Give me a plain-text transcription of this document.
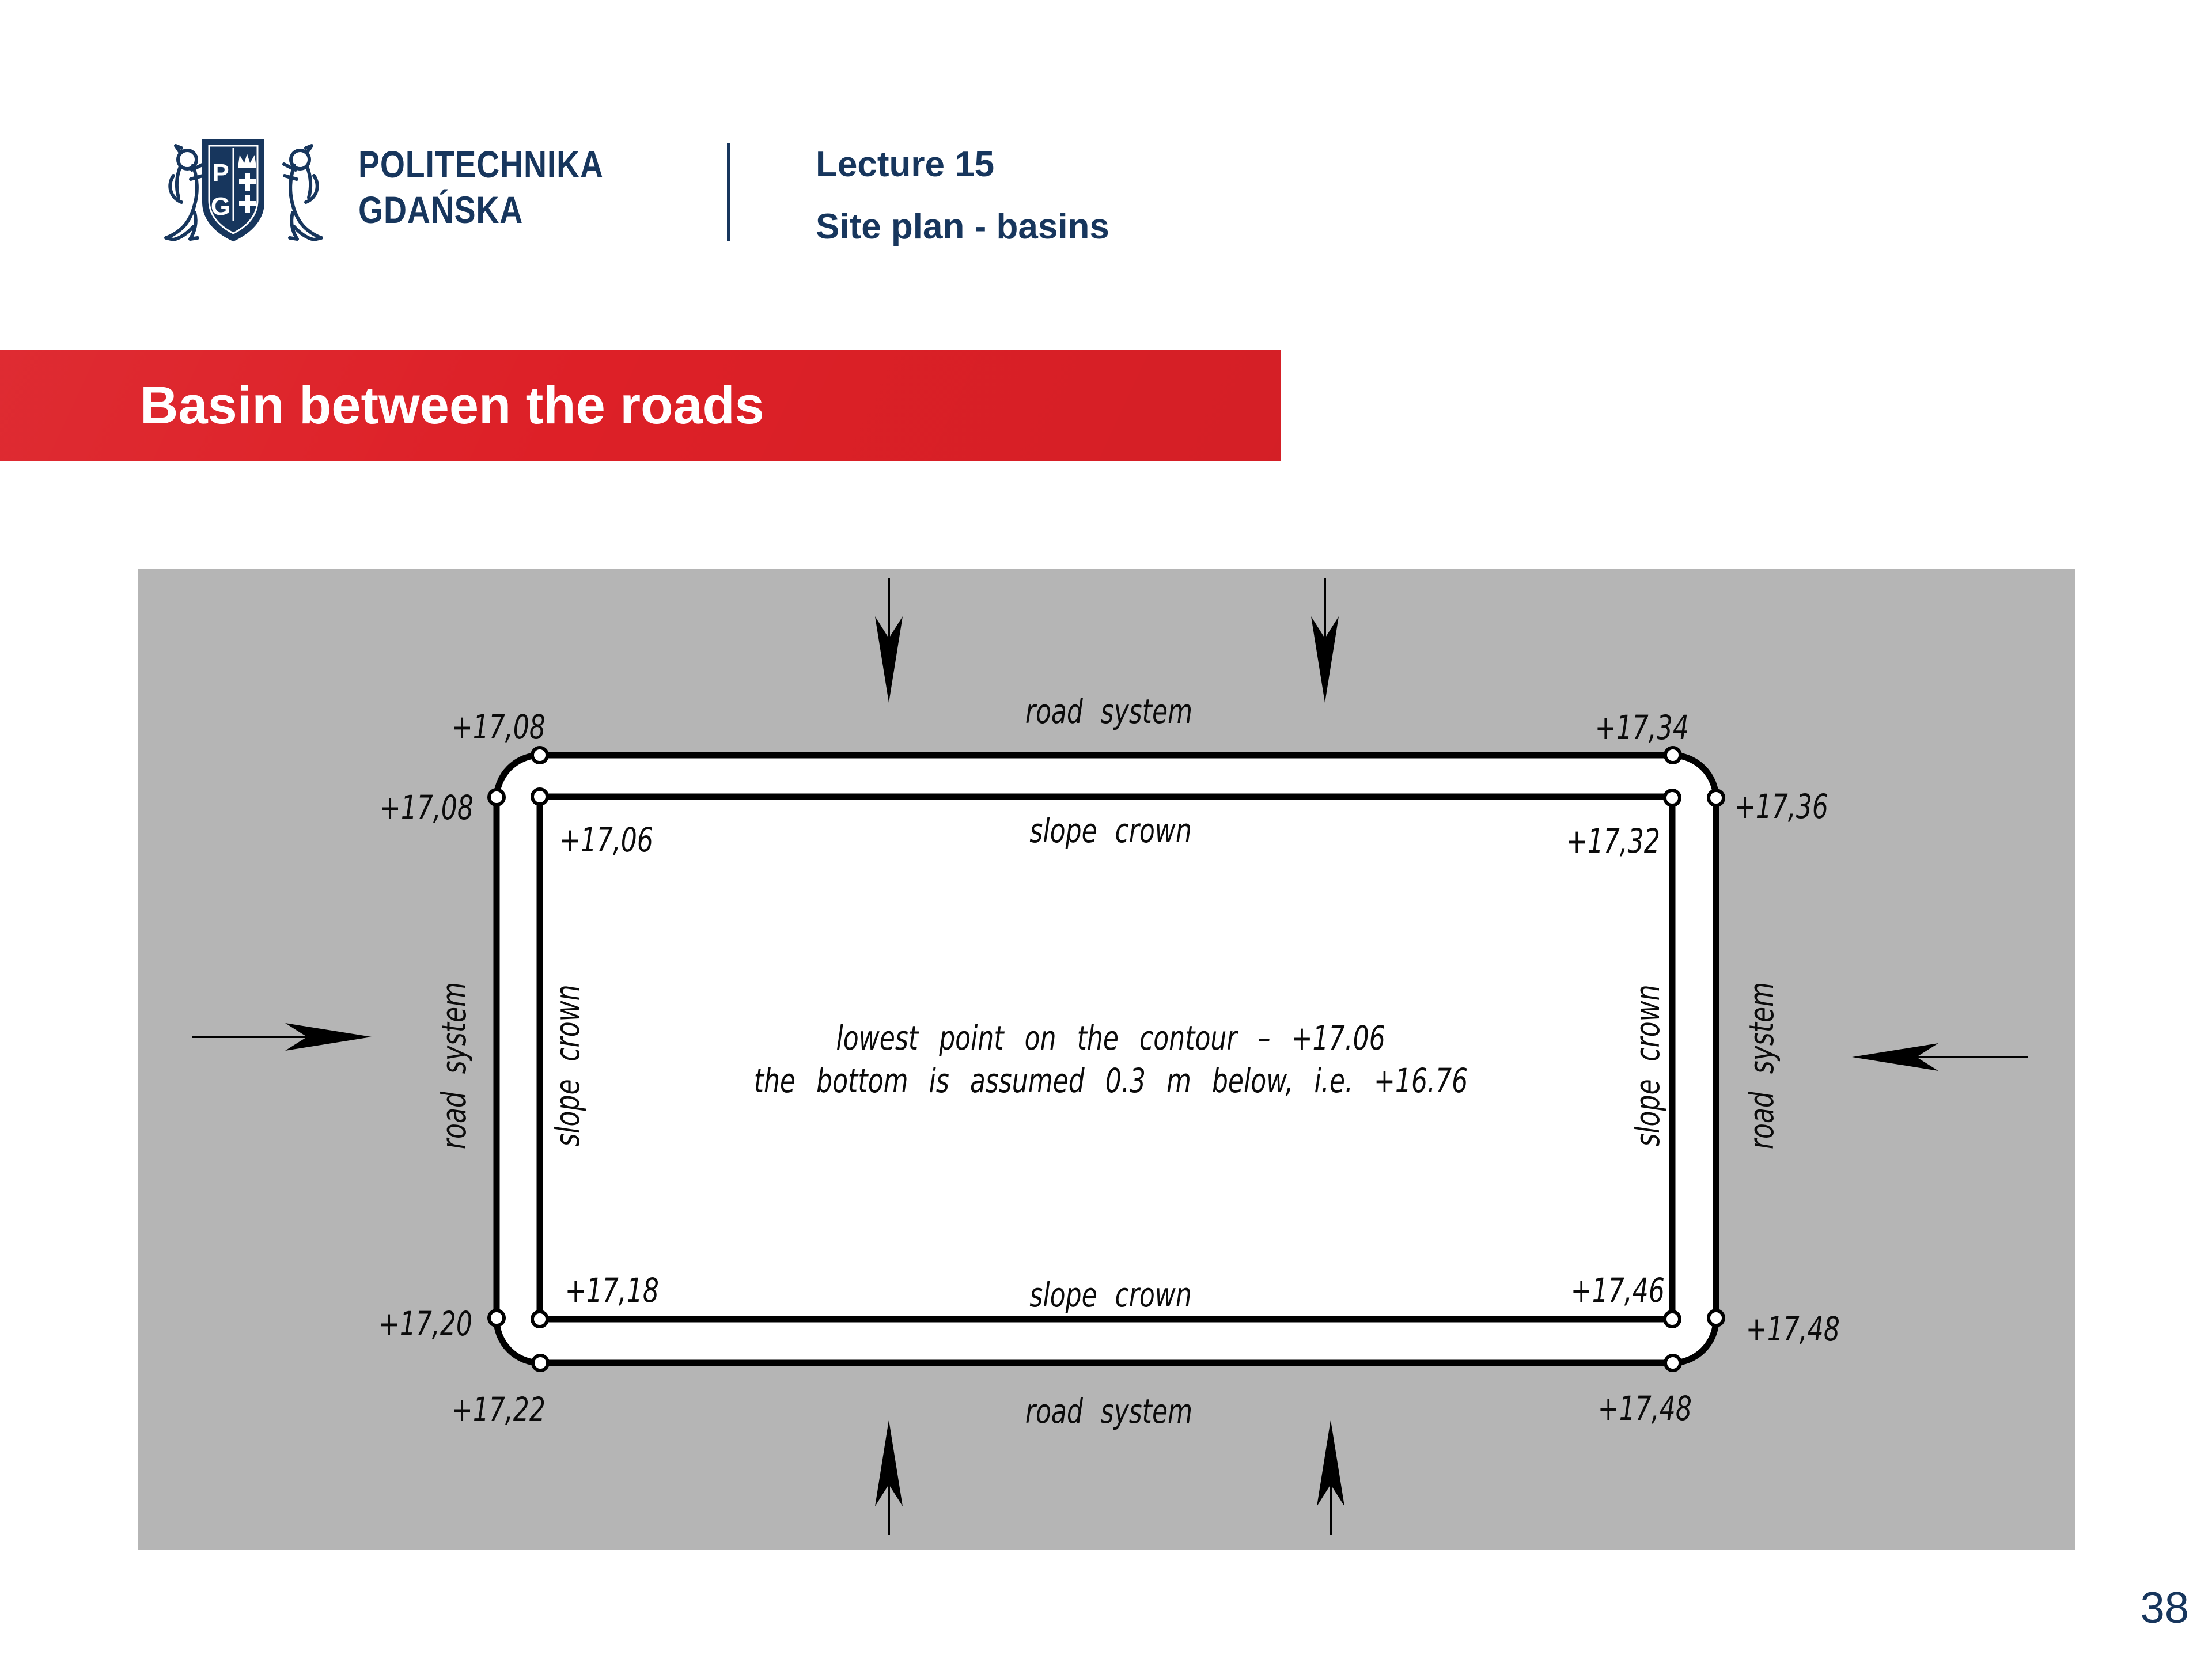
P
G
POLITECHNIKA
GDAŃSKA
Lecture 15
Site plan - basins
Basin between the roads
+17,08
+17,08
+17,06
road system
slope crown
+17,34
+17,36
+17,32
road system slope crown	slope crown road system
lowest point on the contour – +17.06
the bottom is assumed 0.3 m below, i.e. +16.76
+17,18
+17,20
+17,22
slope crown
road system
+17,46
+17,48
+17,48
38
